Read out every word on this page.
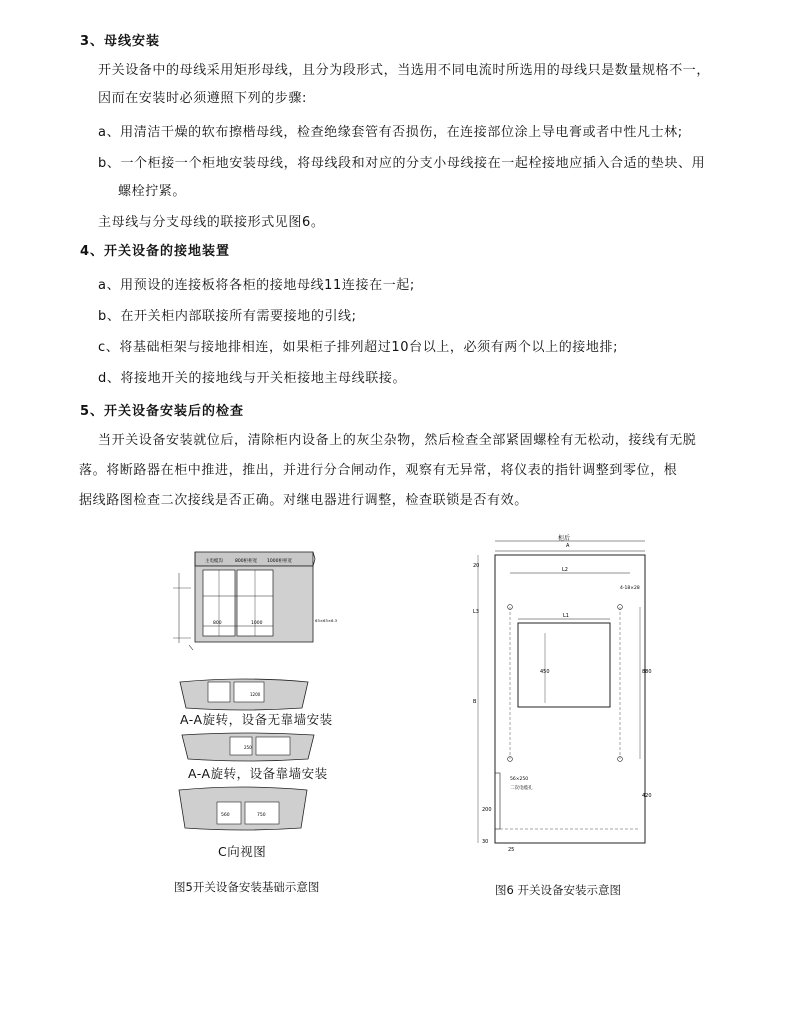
3、母线安装
开关设备中的母线采用矩形母线，且分为段形式，当选用不同电流时所选用的母线只是数量规格不一，
因而在安装时必须遵照下列的步骤:
a、用清洁干燥的软布擦楷母线，检查绝缘套管有否损伤，在连接部位涂上导电膏或者中性凡士林;
b、一个柜接一个柜地安装母线，将母线段和对应的分支小母线接在一起栓接地应插入合适的垫块、用
螺栓拧紧。
主母线与分支母线的联接形式见图6。
4、开关设备的接地装置
a、用预设的连接板将各柜的接地母线11连接在一起;
b、在开关柜内部联接所有需要接地的引线;
c、将基础柜架与接地排相连，如果柜子排列超过10台以上，必须有两个以上的接地排;
d、将接地开关的接地线与开关柜接地主母线联接。
5、开关设备安装后的检查
当开关设备安装就位后，清除柜内设备上的灰尘杂物，然后检查全部紧固螺栓有无松动，接线有无脱
落。将断路器在柜中推进，推出，并进行分合闸动作，观察有无异常，将仪表的指针调整到零位，根
据线路图检查二次接线是否正确。对继电器进行调整，检查联锁是否有效。
主电缆沟	800柜柜宽 1000柜柜宽
800	1000
63×63×6.3
1200
A-A旋转，设备无靠墙安装
250
A-A旋转，设备靠墙安装
560	750
C向视图
图5开关设备安装基础示意图
柜后
A
L2
4-18×28
L1
450
L3
B
20
880
420
56×250
二次电缆孔
200
30
25
图6 开关设备安装示意图
